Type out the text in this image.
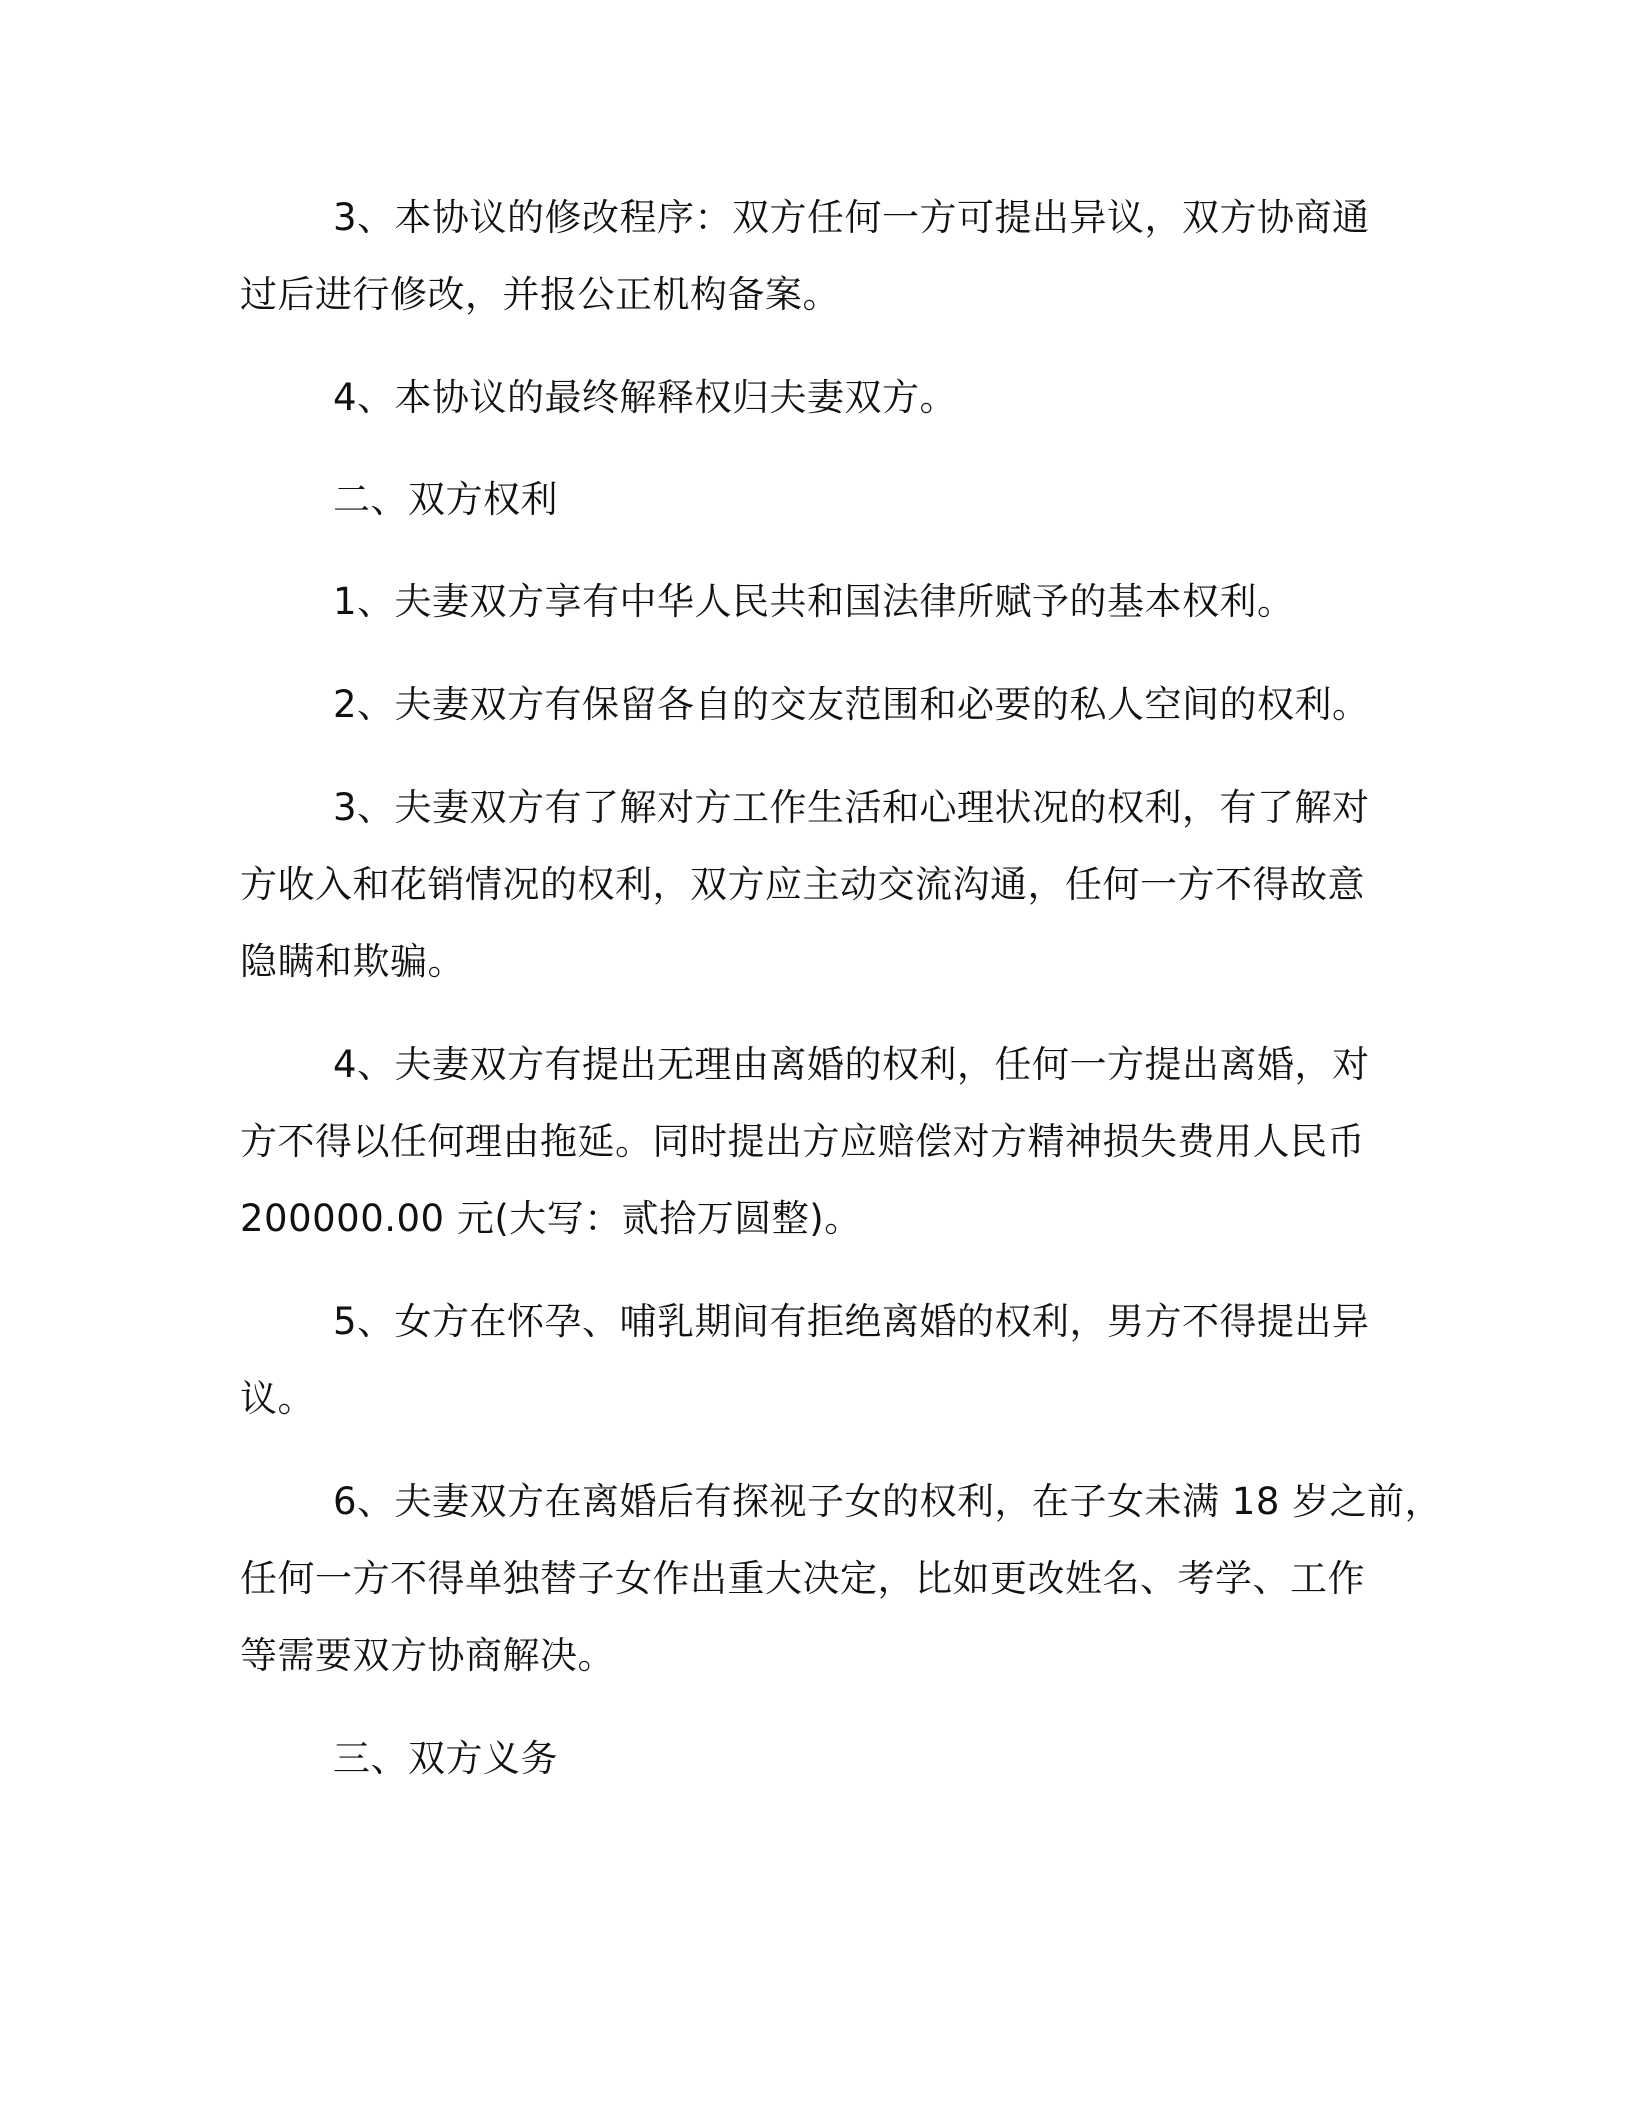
3、本协议的修改程序：双方任何一方可提出异议，双方协商通
过后进行修改，并报公正机构备案。
4、本协议的最终解释权归夫妻双方。
二、双方权利
1、夫妻双方享有中华人民共和国法律所赋予的基本权利。
2、夫妻双方有保留各自的交友范围和必要的私人空间的权利。
3、夫妻双方有了解对方工作生活和心理状况的权利，有了解对
方收入和花销情况的权利，双方应主动交流沟通，任何一方不得故意
隐瞒和欺骗。
4、夫妻双方有提出无理由离婚的权利，任何一方提出离婚，对
方不得以任何理由拖延。同时提出方应赔偿对方精神损失费用人民币
200000.00 元(大写：贰拾万圆整)。
5、女方在怀孕、哺乳期间有拒绝离婚的权利，男方不得提出异
议。
6、夫妻双方在离婚后有探视子女的权利，在子女未满 18 岁之前，
任何一方不得单独替子女作出重大决定，比如更改姓名、考学、工作
等需要双方协商解决。
三、双方义务
